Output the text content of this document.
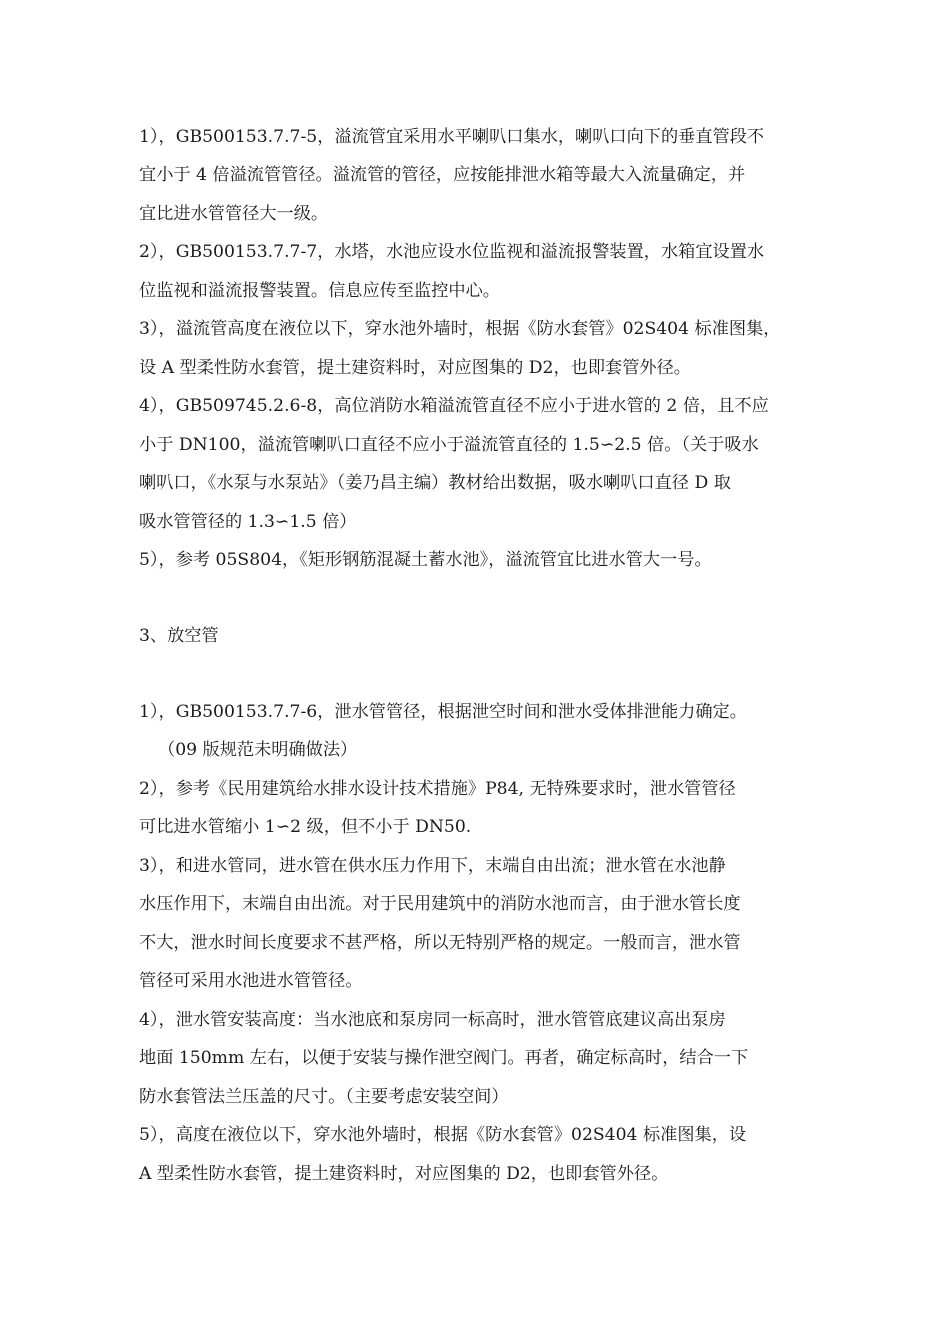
1），GB500153.7.7-5，溢流管宜采用水平喇叭口集水，喇叭口向下的垂直管段不
宜小于 4 倍溢流管管径。溢流管的管径，应按能排泄水箱等最大入流量确定，并
宜比进水管管径大一级。
2），GB500153.7.7-7，水塔，水池应设水位监视和溢流报警装置，水箱宜设置水
位监视和溢流报警装置。信息应传至监控中心。
3），溢流管高度在液位以下，穿水池外墙时，根据《防水套管》02S404 标准图集，
设 A 型柔性防水套管，提土建资料时，对应图集的 D2，也即套管外径。
4），GB509745.2.6-8，高位消防水箱溢流管直径不应小于进水管的 2 倍，且不应
小于 DN100，溢流管喇叭口直径不应小于溢流管直径的 1.5∽2.5 倍。（关于吸水
喇叭口，《水泵与水泵站》（姜乃昌主编）教材给出数据，吸水喇叭口直径 D 取
吸水管管径的 1.3∽1.5 倍）
5），参考 05S804，《矩形钢筋混凝土蓄水池》，溢流管宜比进水管大一号。
3、放空管
1），GB500153.7.7-6，泄水管管径，根据泄空时间和泄水受体排泄能力确定。
（09 版规范未明确做法）
2），参考《民用建筑给水排水设计技术措施》P84, 无特殊要求时，泄水管管径
可比进水管缩小 1∽2 级，但不小于 DN50.
3），和进水管同，进水管在供水压力作用下，末端自由出流；泄水管在水池静
水压作用下，末端自由出流。对于民用建筑中的消防水池而言，由于泄水管长度
不大，泄水时间长度要求不甚严格，所以无特别严格的规定。一般而言，泄水管
管径可采用水池进水管管径。
4），泄水管安装高度：当水池底和泵房同一标高时，泄水管管底建议高出泵房
地面 150mm 左右，以便于安装与操作泄空阀门。再者，确定标高时，结合一下
防水套管法兰压盖的尺寸。（主要考虑安装空间）
5），高度在液位以下，穿水池外墙时，根据《防水套管》02S404 标准图集，设
A 型柔性防水套管，提土建资料时，对应图集的 D2，也即套管外径。
